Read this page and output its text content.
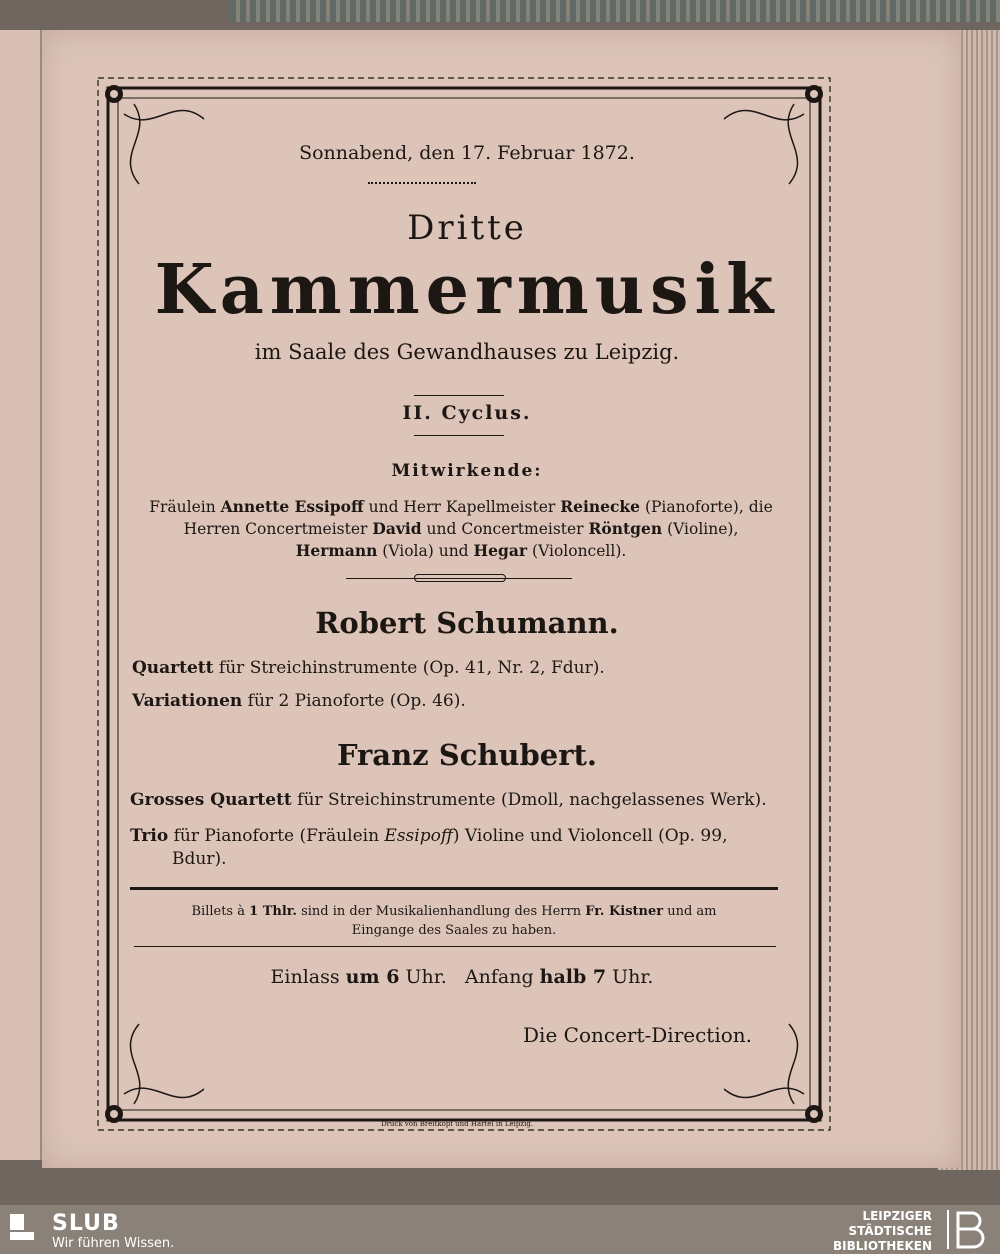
Sonnabend, den 17. Februar 1872.
Dritte
Kammermusik
im Saale des Gewandhauses zu Leipzig.
II. Cyclus.
Mitwirkende:
Fräulein Annette Essipoff und Herr Kapellmeister Reinecke (Pianoforte), die
Herren Concertmeister David und Concertmeister Röntgen (Violine),
Hermann (Viola) und Hegar (Violoncell).
Robert Schumann.
Quartett für Streichinstrumente (Op. 41, Nr. 2, Fdur).
Variationen für 2 Pianoforte (Op. 46).
Franz Schubert.
Grosses Quartett für Streichinstrumente (Dmoll, nachgelassenes Werk).
Trio für Pianoforte (Fräulein Essipoff) Violine und Violoncell (Op. 99,
Bdur).
Billets à 1 Thlr. sind in der Musikalienhandlung des Herrn Fr. Kistner und am
Eingange des Saales zu haben.
Einlass um 6 Uhr. Anfang halb 7 Uhr.
Die Concert-Direction.
Druck von Breitkopf und Härtel in Leipzig.
SLUB
Wir führen Wissen.
LEIPZIGER
STÄDTISCHE
BIBLIOTHEKEN
